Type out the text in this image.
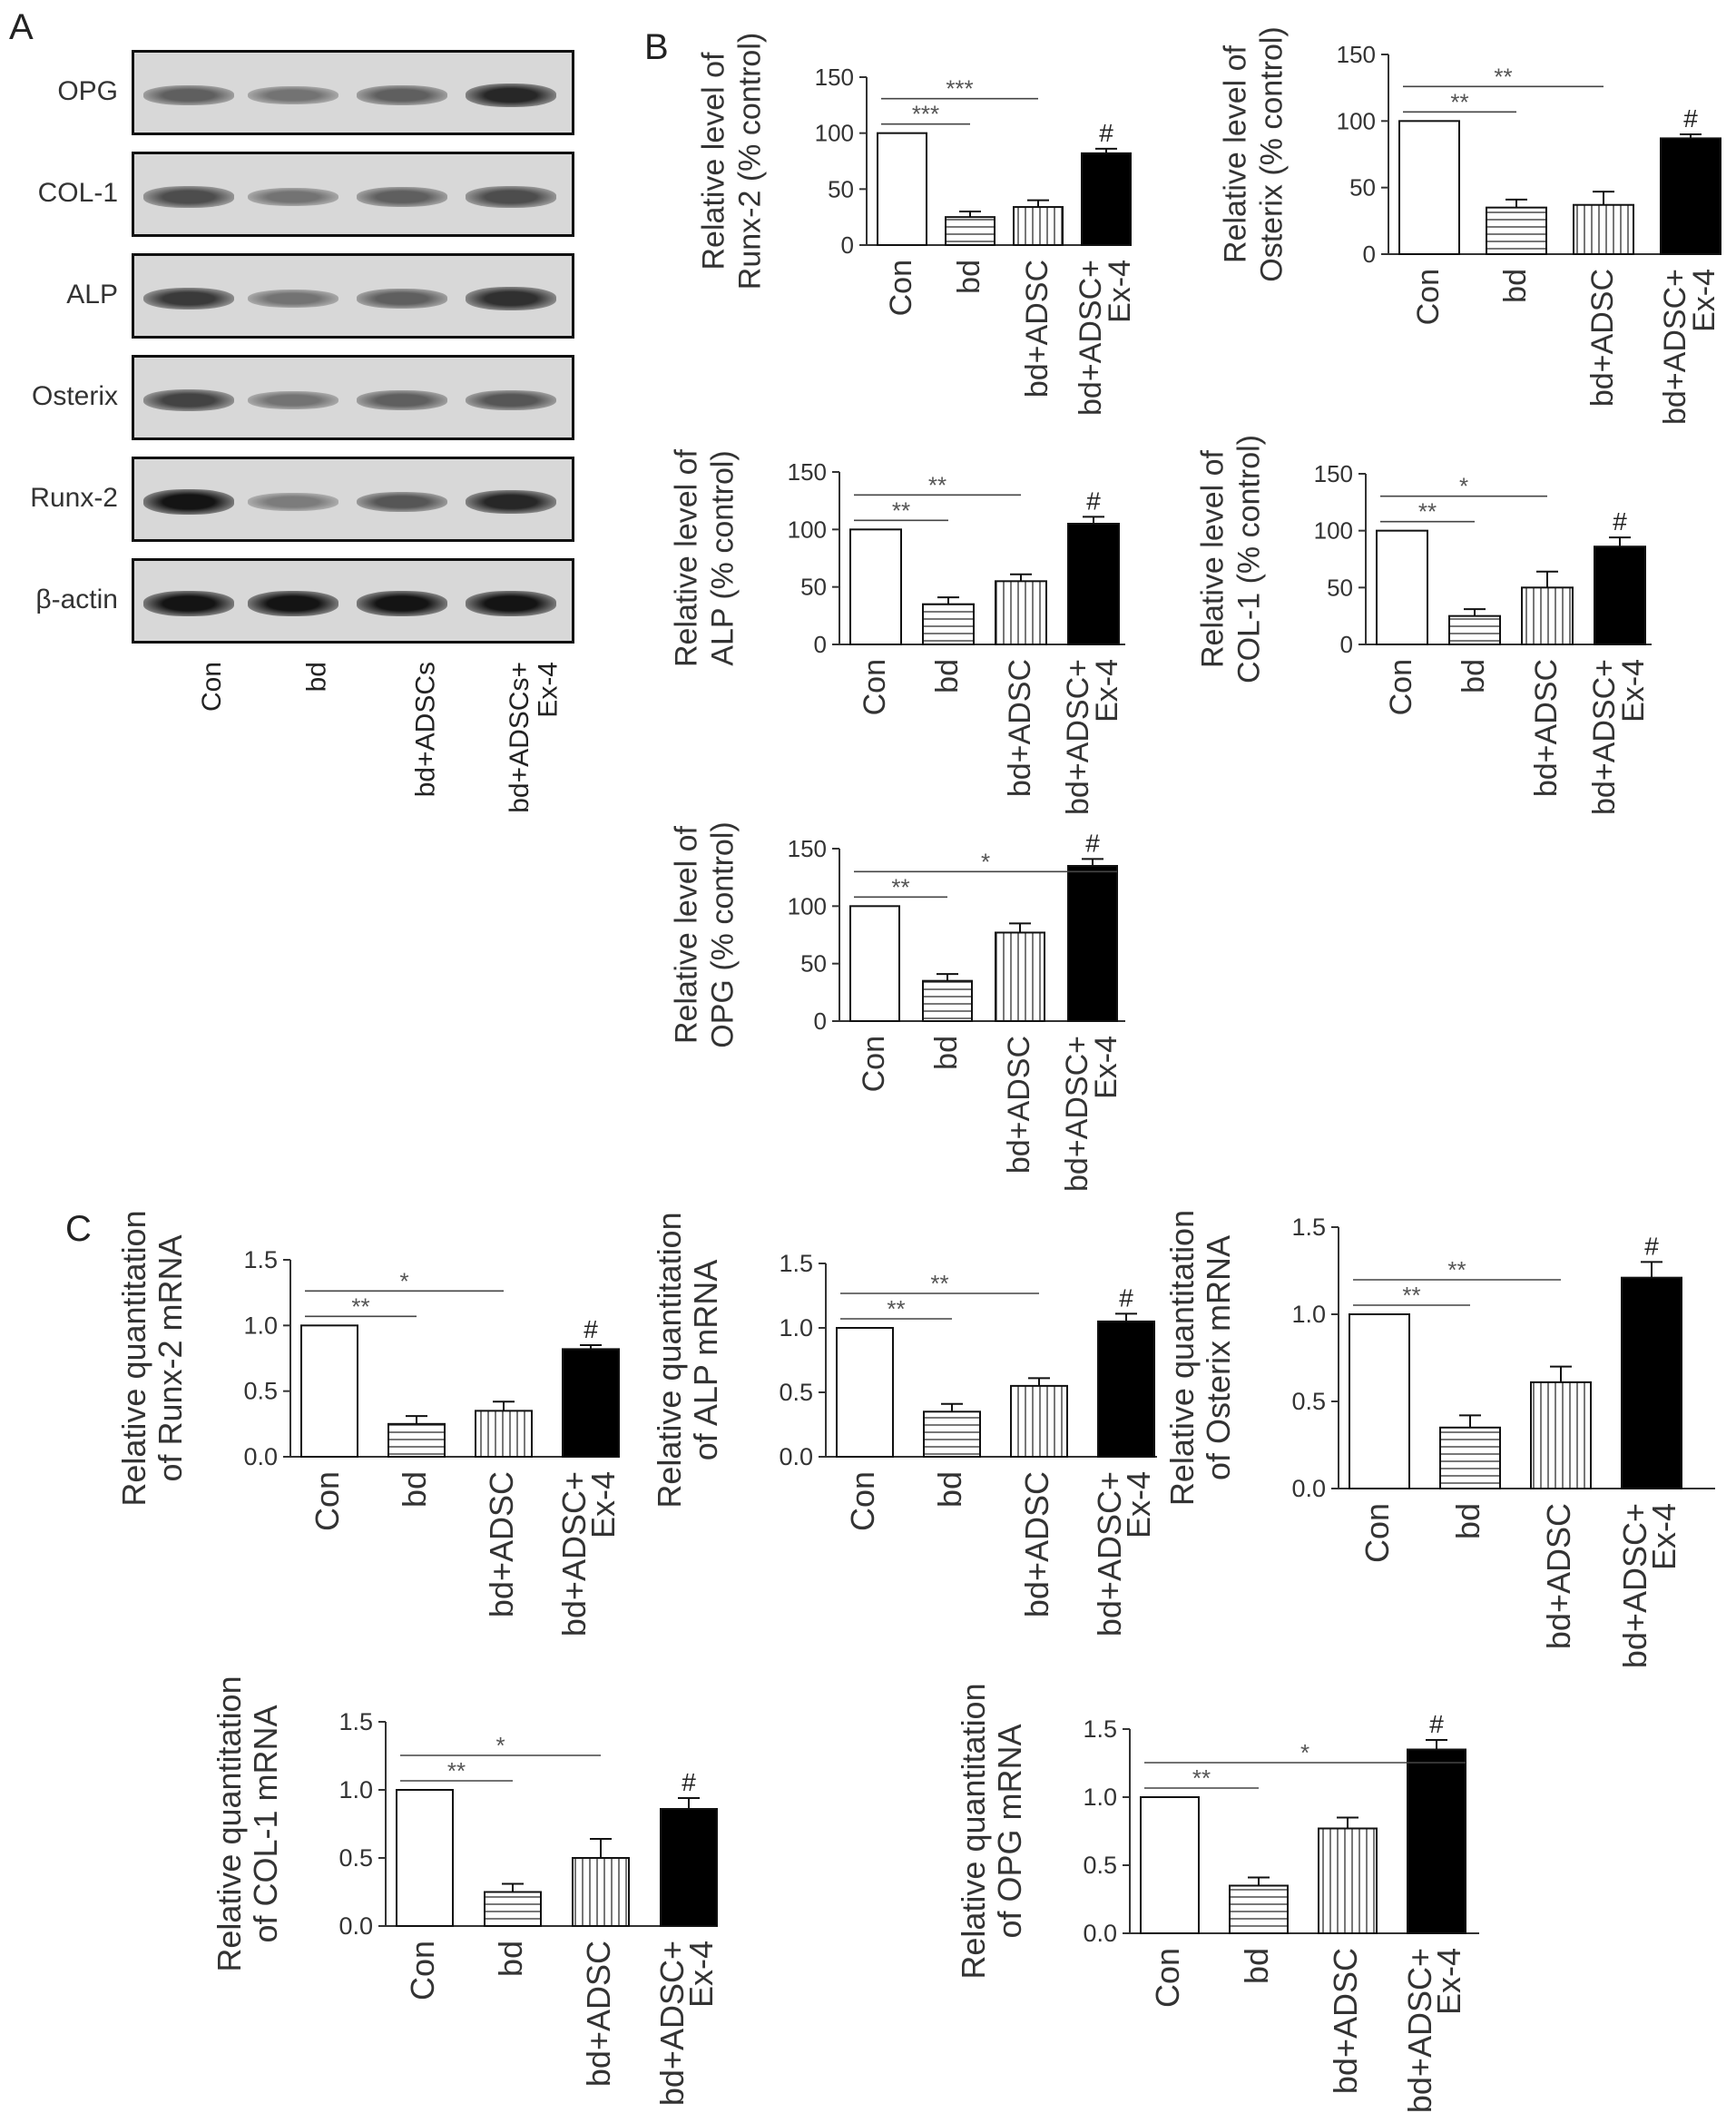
A	B
C
OPG
COL-1
ALP
Osterix
Runx-2
β-actin
Con	bd	bd+ADSCs bd+ADSCs+ Ex-4
0
50
100
150
Relative level of Runx-2 (% control)	Con bd bd+ADSC bd+ADSC+
Ex-4
***
***
#
0
50
100
150
Relative level of Osterix (% control)
Con bd bd+ADSC bd+ADSC+
Ex-4
**
**
#
0
50
100
150
Relative level of ALP (% control)
Con bd bd+ADSC bd+ADSC+
Ex-4
**
**
#
0
50
100
150
Relative level of COL-1 (% control)
Con bd bd+ADSC bd+ADSC+
Ex-4
**
*
#
0
50
100
150
Relative level of OPG (% control)
Con bd bd+ADSC bd+ADSC+
Ex-4
**
*
#
0.0
0.5
1.0
1.5
Relative quantitation of Runx-2 mRNA
Con bd bd+ADSC bd+ADSC+
Ex-4
**
*
#
0.0
0.5
1.0
1.5
Relative quantitation of ALP mRNA
Con bd bd+ADSC bd+ADSC+
Ex-4
**
**
#
0.0
0.5
1.0
1.5
Relative quantitation of Osterix mRNA
Con bd bd+ADSC bd+ADSC+
Ex-4
**
**
#
0.0
0.5
1.0
1.5
Relative quantitation of COL-1 mRNA
Con bd bd+ADSC bd+ADSC+
Ex-4
**
*
#
0.0
0.5
1.0
1.5
Relative quantitation of OPG mRNA
Con bd bd+ADSC bd+ADSC+
Ex-4
**
*
#
